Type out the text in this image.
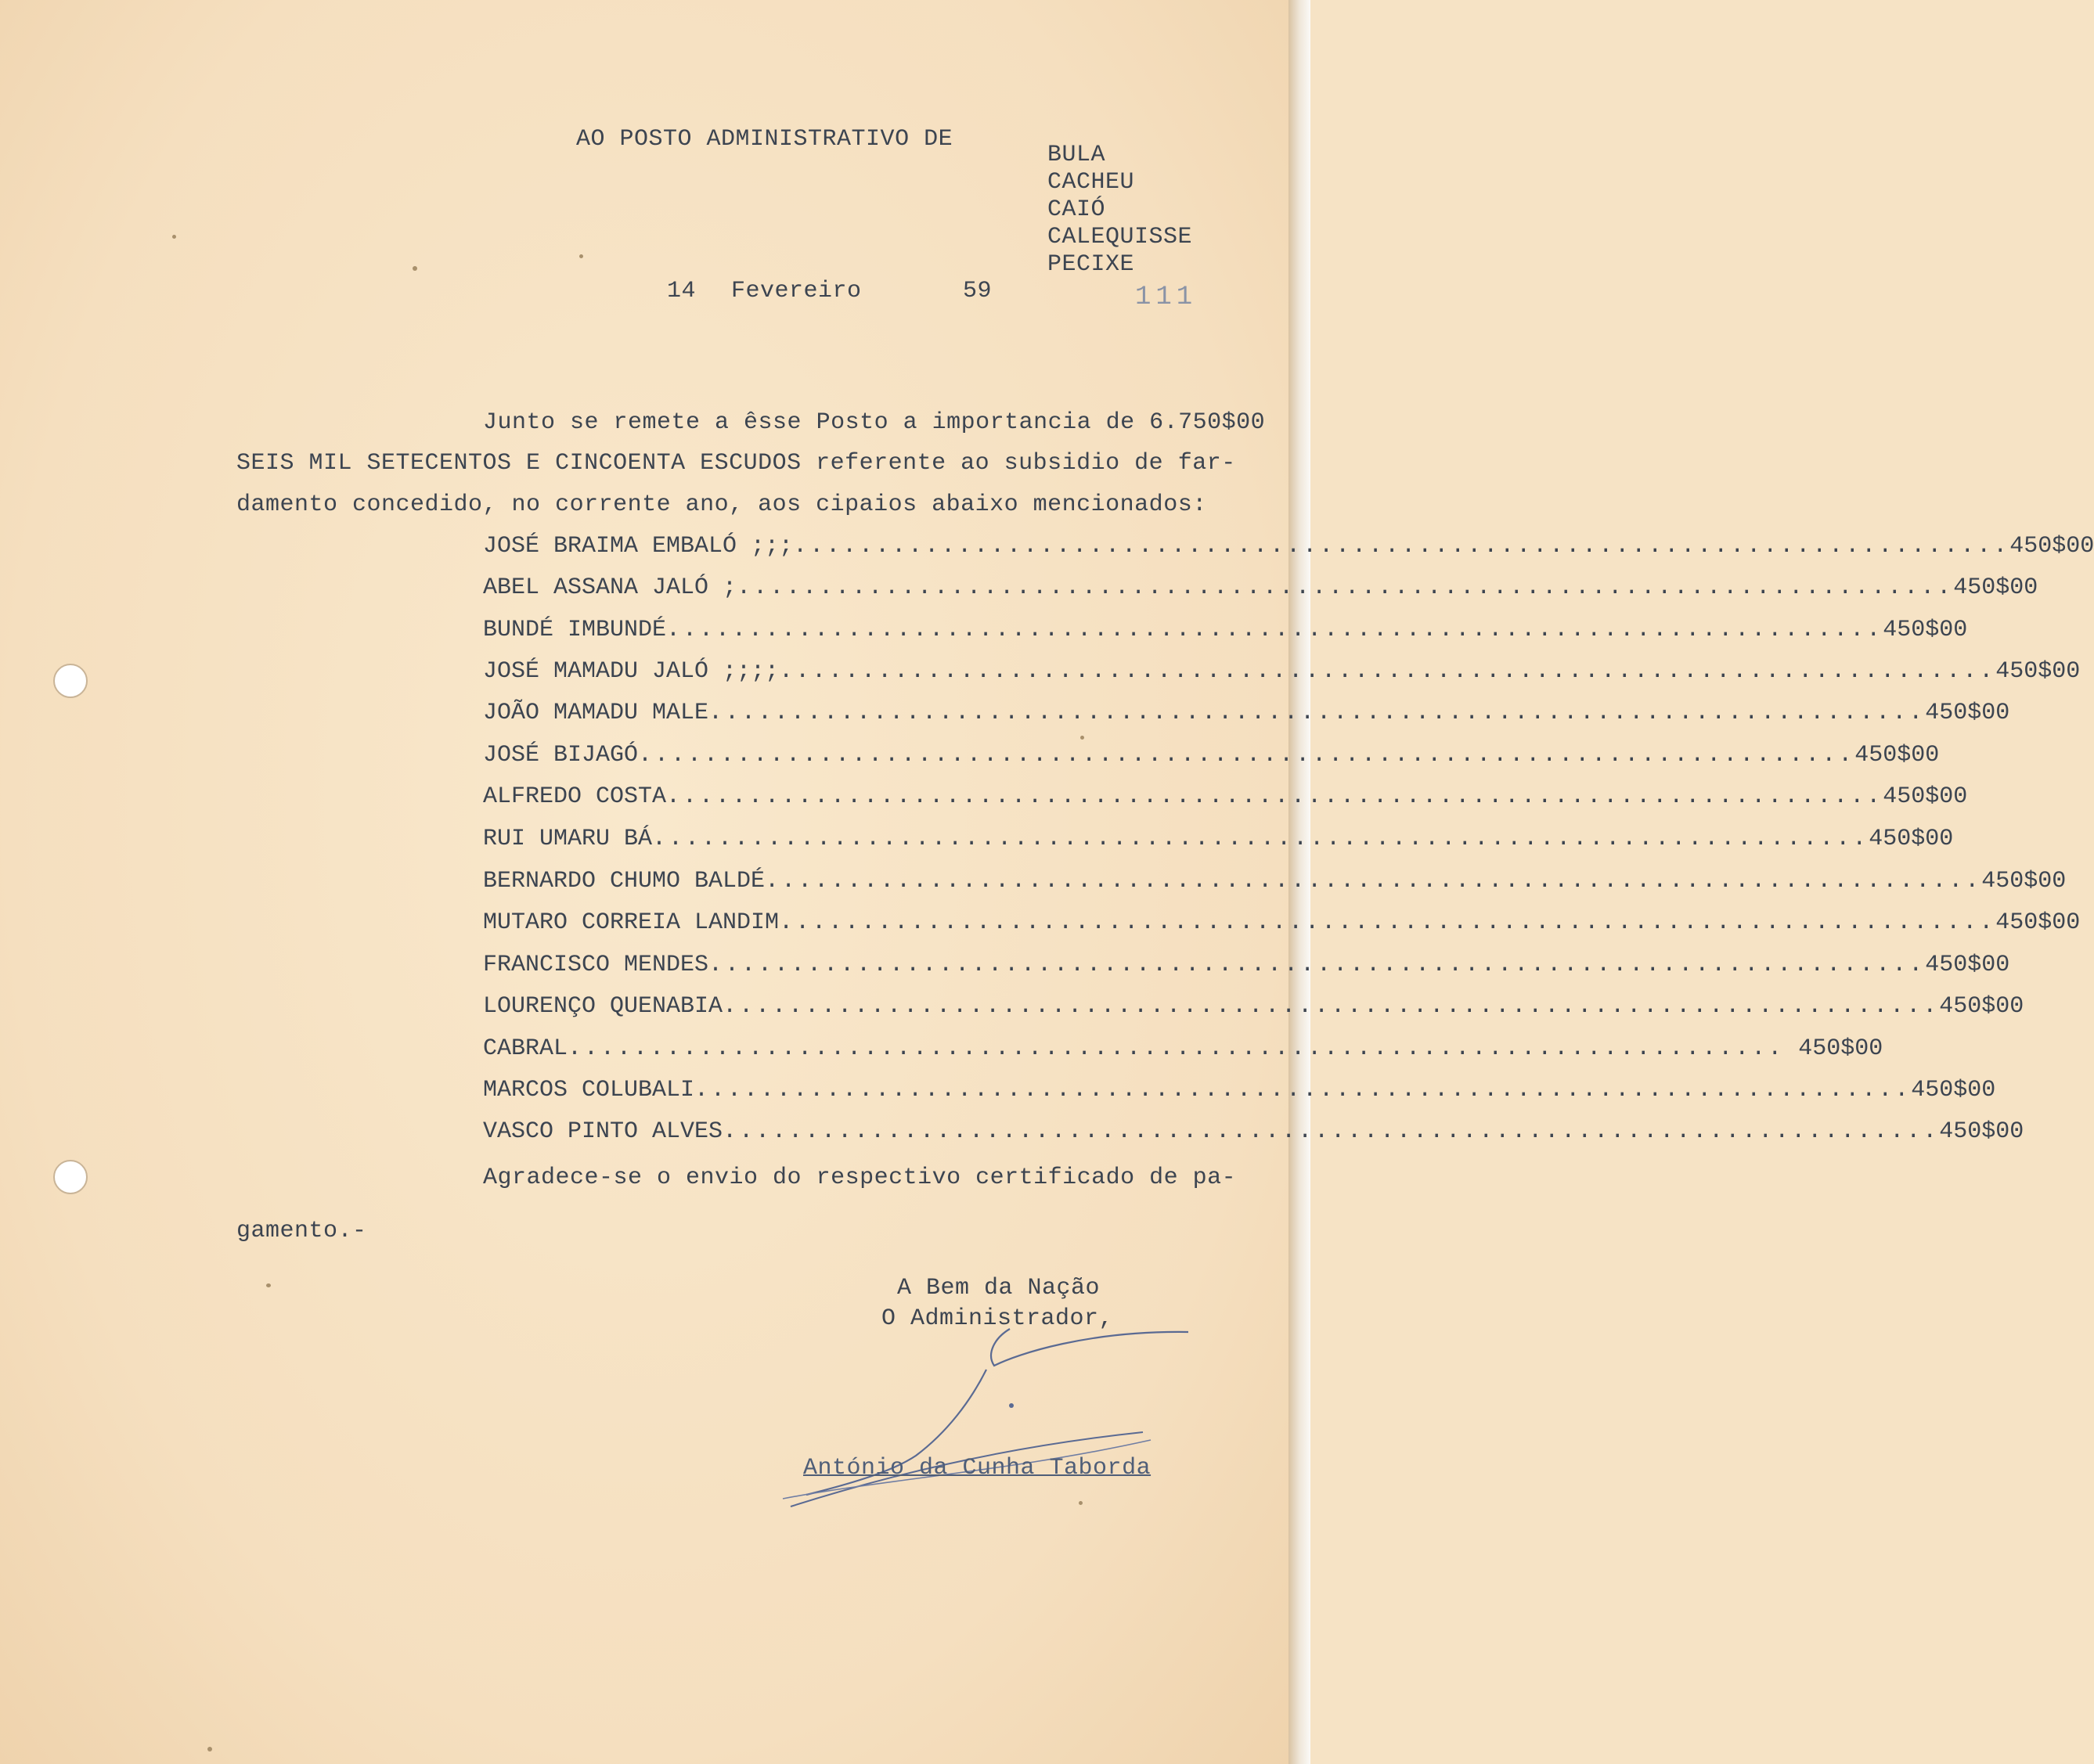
AO POSTO ADMINISTRATIVO DE
BULA
CACHEU
CAIÓ
CALEQUISSE
PECIXE
14 Fevereiro	59	111
Junto se remete a êsse Posto a importancia de 6.750$00
SEIS MIL SETECENTOS E CINCOENTA ESCUDOS referente ao subsidio de far-
damento concedido, no corrente ano, aos cipaios abaixo mencionados:
JOSÉ BRAIMA EMBALÓ ;;; .......................................................................... 450$00
ABEL ASSANA JALÓ ; .......................................................................... 450$00
BUNDÉ IMBUNDÉ .......................................................................... 450$00
JOSÉ MAMADU JALÓ ;;;; .......................................................................... 450$00
JOÃO MAMADU MALE .......................................................................... 450$00
JOSÉ BIJAGÓ .......................................................................... 450$00
ALFREDO COSTA .......................................................................... 450$00
RUI UMARU BÁ .......................................................................... 450$00
BERNARDO CHUMO BALDÉ .......................................................................... 450$00
MUTARO CORREIA LANDIM .......................................................................... 450$00
FRANCISCO MENDES .......................................................................... 450$00
LOURENÇO QUENABIA .......................................................................... 450$00
CABRAL .......................................................................... 450$00
MARCOS COLUBALI .......................................................................... 450$00
VASCO PINTO ALVES .......................................................................... 450$00
Agradece-se o envio do respectivo certificado de pa-
gamento.-
A Bem da Nação
O Administrador,
António da Cunha Taborda
